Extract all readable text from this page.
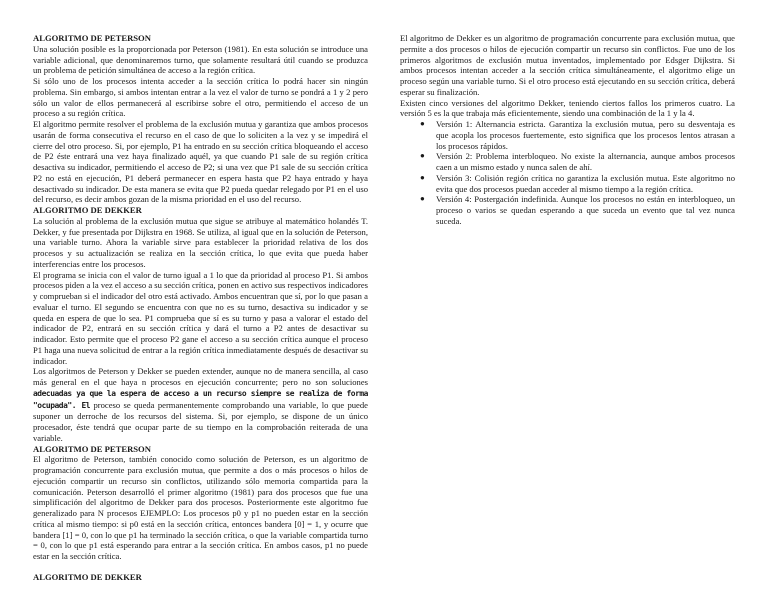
ALGORITMO DE PETERSON

Una solución posible es la proporcionada por Peterson (1981). En esta solución se introduce una variable adicional, que denominaremos turno, que solamente resultará útil cuando se produzca un problema de petición simultánea de acceso a la región crítica.

Si sólo uno de los procesos intenta acceder a la sección crítica lo podrá hacer sin ningún problema. Sin embargo, si ambos intentan entrar a la vez el valor de turno se pondrá a 1 y 2 pero sólo un valor de ellos permanecerá al escribirse sobre el otro, permitiendo el acceso de un proceso a su región crítica.

El algoritmo permite resolver el problema de la exclusión mutua y garantiza que ambos procesos usarán de forma consecutiva el recurso en el caso de que lo soliciten a la vez y se impedirá el cierre del otro proceso. Si, por ejemplo, P1 ha entrado en su sección crítica bloqueando el acceso de P2 éste entrará una vez haya finalizado aquél, ya que cuando P1 sale de su región crítica desactiva su indicador, permitiendo el acceso de P2; si una vez que P1 sale de su sección crítica P2 no está en ejecución, P1 deberá permanecer en espera hasta que P2 haya entrado y haya desactivado su indicador. De esta manera se evita que P2 pueda quedar relegado por P1 en el uso del recurso, es decir ambos gozan de la misma prioridad en el uso del recurso.

ALGORITMO DE DEKKER

La solución al problema de la exclusión mutua que sigue se atribuye al matemático holandés T. Dekker, y fue presentada por Dijkstra en 1968. Se utiliza, al igual que en la solución de Peterson, una variable turno. Ahora la variable sirve para establecer la prioridad relativa de los dos procesos y su actualización se realiza en la sección crítica, lo que evita que pueda haber interferencias entre los procesos.

El programa se inicia con el valor de turno igual a 1 lo que da prioridad al proceso P1. Si ambos procesos piden a la vez el acceso a su sección crítica, ponen en activo sus respectivos indicadores y comprueban si el indicador del otro está activado. Ambos encuentran que sí, por lo que pasan a evaluar el turno. El segundo se encuentra con que no es su turno, desactiva su indicador y se queda en espera de que lo sea. P1 comprueba que sí es su turno y pasa a valorar el estado del indicador de P2, entrará en su sección crítica y dará el turno a P2 antes de desactivar su indicador. Esto permite que el proceso P2 gane el acceso a su sección crítica aunque el proceso P1 haga una nueva solicitud de entrar a la región crítica inmediatamente después de desactivar su indicador.

Los algoritmos de Peterson y Dekker se pueden extender, aunque no de manera sencilla, al caso más general en el que haya n procesos en ejecución concurrente; pero no son soluciones adecuadas ya que la espera de acceso a un recurso siempre se realiza de forma "ocupada". El proceso se queda permanentemente comprobando una variable, lo que puede suponer un derroche de los recursos del sistema. Si, por ejemplo, se dispone de un único procesador, éste tendrá que ocupar parte de su tiempo en la comprobación reiterada de una variable.

ALGORITMO DE PETERSON

El algoritmo de Peterson, también conocido como solución de Peterson, es un algoritmo de programación concurrente para exclusión mutua, que permite a dos o más procesos o hilos de ejecución compartir un recurso sin conflictos, utilizando sólo memoria compartida para la comunicación. Peterson desarrolló el primer algoritmo (1981) para dos procesos que fue una simplificación del algoritmo de Dekker para dos procesos. Posteriormente este algoritmo fue generalizado para N procesos EJEMPLO: Los procesos p0 y p1 no pueden estar en la sección crítica al mismo tiempo: si p0 está en la sección crítica, entonces bandera [0] = 1, y ocurre que bandera [1] = 0, con lo que p1 ha terminado la sección crítica, o que la variable compartida turno = 0, con lo que p1 está esperando para entrar a la sección crítica. En ambos casos, p1 no puede estar en la sección crítica.

ALGORITMO DE DEKKER

El algoritmo de Dekker es un algoritmo de programación concurrente para exclusión mutua, que permite a dos procesos o hilos de ejecución compartir un recurso sin conflictos. Fue uno de los primeros algoritmos de exclusión mutua inventados, implementado por Edsger Dijkstra. Si ambos procesos intentan acceder a la sección crítica simultáneamente, el algoritmo elige un proceso según una variable turno. Si el otro proceso está ejecutando en su sección crítica, deberá esperar su finalización.

Existen cinco versiones del algoritmo Dekker, teniendo ciertos fallos los primeros cuatro. La versión 5 es la que trabaja más eficientemente, siendo una combinación de la 1 y la 4.

● Versión 1: Alternancia estricta. Garantiza la exclusión mutua, pero su desventaja es que acopla los procesos fuertemente, esto significa que los procesos lentos atrasan a los procesos rápidos.
● Versión 2: Problema interbloqueo. No existe la alternancia, aunque ambos procesos caen a un mismo estado y nunca salen de ahí.
● Versión 3: Colisión región crítica no garantiza la exclusión mutua. Este algoritmo no evita que dos procesos puedan acceder al mismo tiempo a la región crítica.
● Versión 4: Postergación indefinida. Aunque los procesos no están en interbloqueo, un proceso o varios se quedan esperando a que suceda un evento que tal vez nunca suceda.
